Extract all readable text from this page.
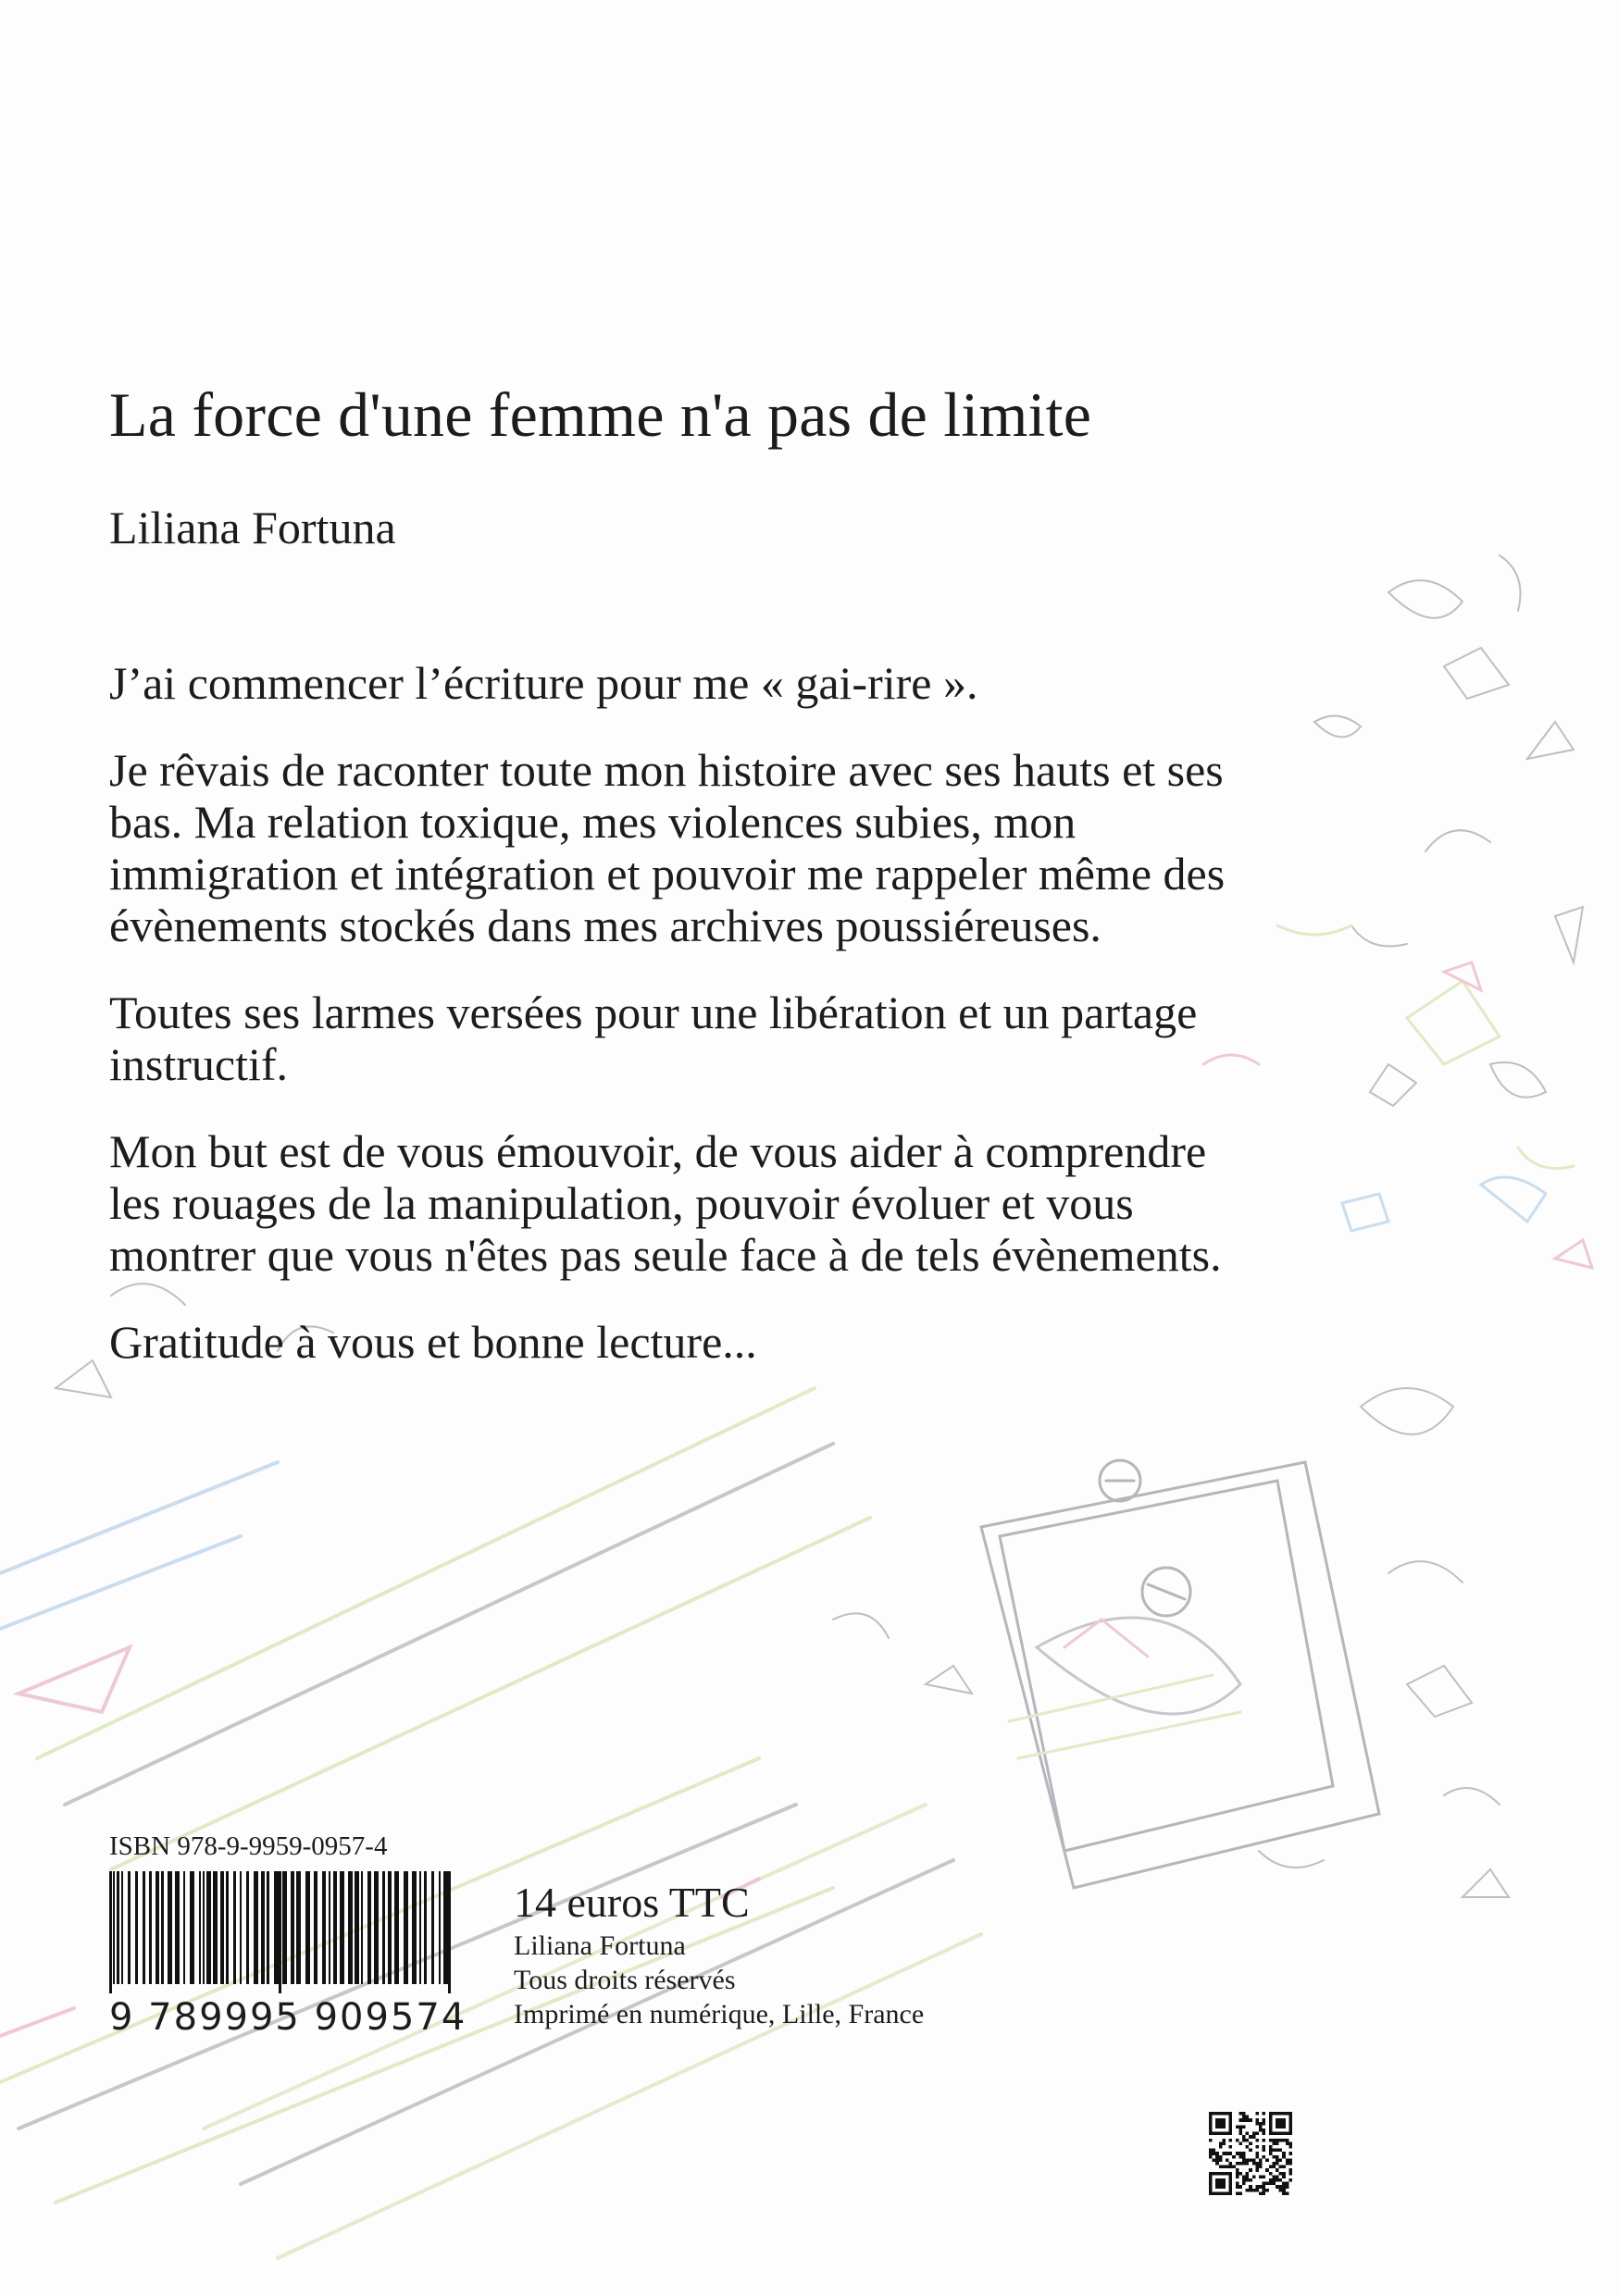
La force d'une femme n'a pas de limite
Liliana Fortuna

J’ai commencer l’écriture pour me « gai-rire ».

Je rêvais de raconter toute mon histoire avec ses hauts et ses bas. Ma relation toxique, mes violences subies, mon immigration et intégration et pouvoir me rappeler même des évènements stockés dans mes archives poussiéreuses.

Toutes ses larmes versées pour une libération et un partage instructif.

Mon but est de vous émouvoir, de vous aider à comprendre les rouages de la manipulation, pouvoir évoluer et vous montrer que vous n'êtes pas seule face à de tels évènements.

Gratitude à vous et bonne lecture...

ISBN 978-9-9959-0957-4
9 789995 909574
14 euros TTC
Liliana Fortuna
Tous droits réservés
Imprimé en numérique, Lille, France
